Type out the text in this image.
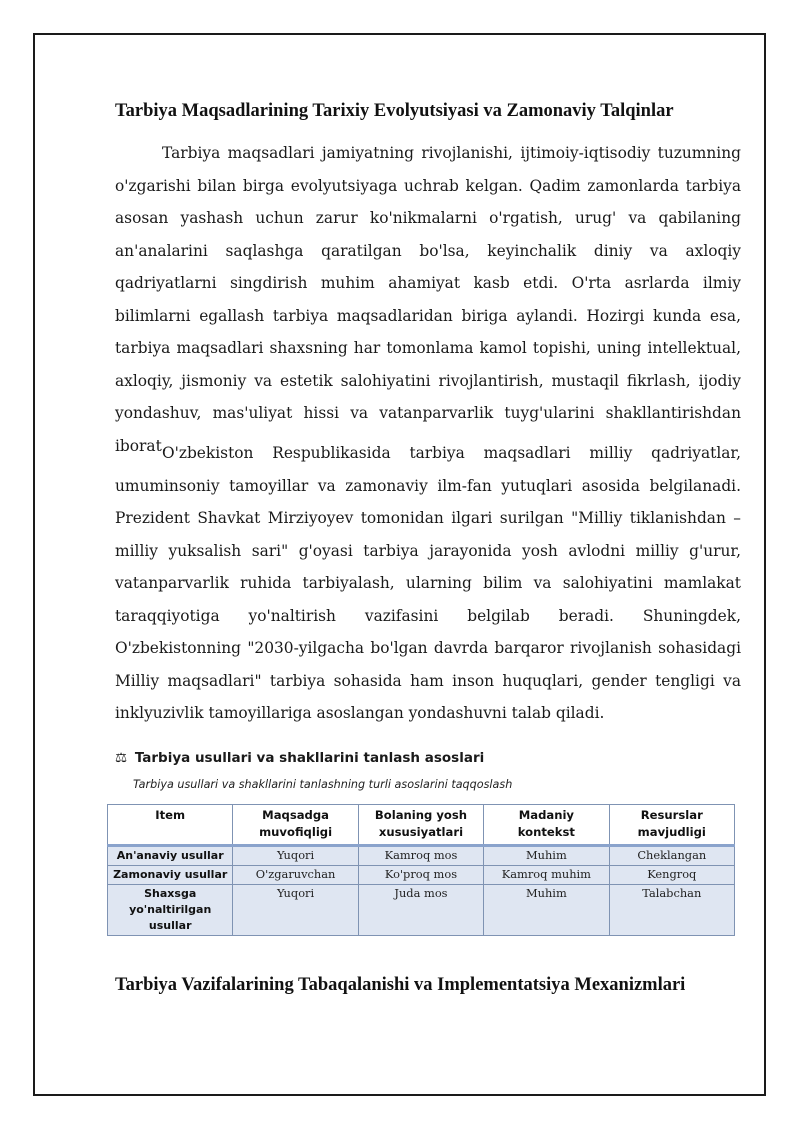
Tarbiya Maqsadlarining Tarixiy Evolyutsiyasi va Zamonaviy Talqinlar

Tarbiya maqsadlari jamiyatning rivojlanishi, ijtimoiy-iqtisodiy tuzumning o'zgarishi bilan birga evolyutsiyaga uchrab kelgan. Qadim zamonlarda tarbiya asosan yashash uchun zarur ko'nikmalarni o'rgatish, urug' va qabilaning an'analarini saqlashga qaratilgan bo'lsa, keyinchalik diniy va axloqiy qadriyatlarni singdirish muhim ahamiyat kasb etdi. O'rta asrlarda ilmiy bilimlarni egallash tarbiya maqsadlaridan biriga aylandi. Hozirgi kunda esa, tarbiya maqsadlari shaxsning har tomonlama kamol topishi, uning intellektual, axloqiy, jismoniy va estetik salohiyatini rivojlantirish, mustaqil fikrlash, ijodiy yondashuv, mas'uliyat hissi va vatanparvarlik tuyg'ularini shakllantirishdan iborat.

O'zbekiston Respublikasida tarbiya maqsadlari milliy qadriyatlar, umuminsoniy tamoyillar va zamonaviy ilm-fan yutuqlari asosida belgilanadi. Prezident Shavkat Mirziyoyev tomonidan ilgari surilgan "Milliy tiklanishdan – milliy yuksalish sari" g'oyasi tarbiya jarayonida yosh avlodni milliy g'urur, vatanparvarlik ruhida tarbiyalash, ularning bilim va salohiyatini mamlakat taraqqiyotiga yo'naltirish vazifasini belgilab beradi. Shuningdek, O'zbekistonning "2030-yilgacha bo'lgan davrda barqaror rivojlanish sohasidagi Milliy maqsadlari" tarbiya sohasida ham inson huquqlari, gender tengligi va inklyuzivlik tamoyillariga asoslangan yondashuvni talab qiladi.

⚖ Tarbiya usullari va shakllarini tanlash asoslari
Tarbiya usullari va shakllarini tanlashning turli asoslarini taqqoslash
Item	Maqsadga muvofiqligi	Bolaning yosh xususiyatlari	Madaniy kontekst	Resurslar mavjudligi
An'anaviy usullar	Yuqori	Kamroq mos	Muhim	Cheklangan
Zamonaviy usullar	O'zgaruvchan	Ko'proq mos	Kamroq muhim	Kengroq
Shaxsga yo'naltirilgan usullar	Yuqori	Juda mos	Muhim	Talabchan
Tarbiya Vazifalarining Tabaqalanishi va Implementatsiya Mexanizmlari
